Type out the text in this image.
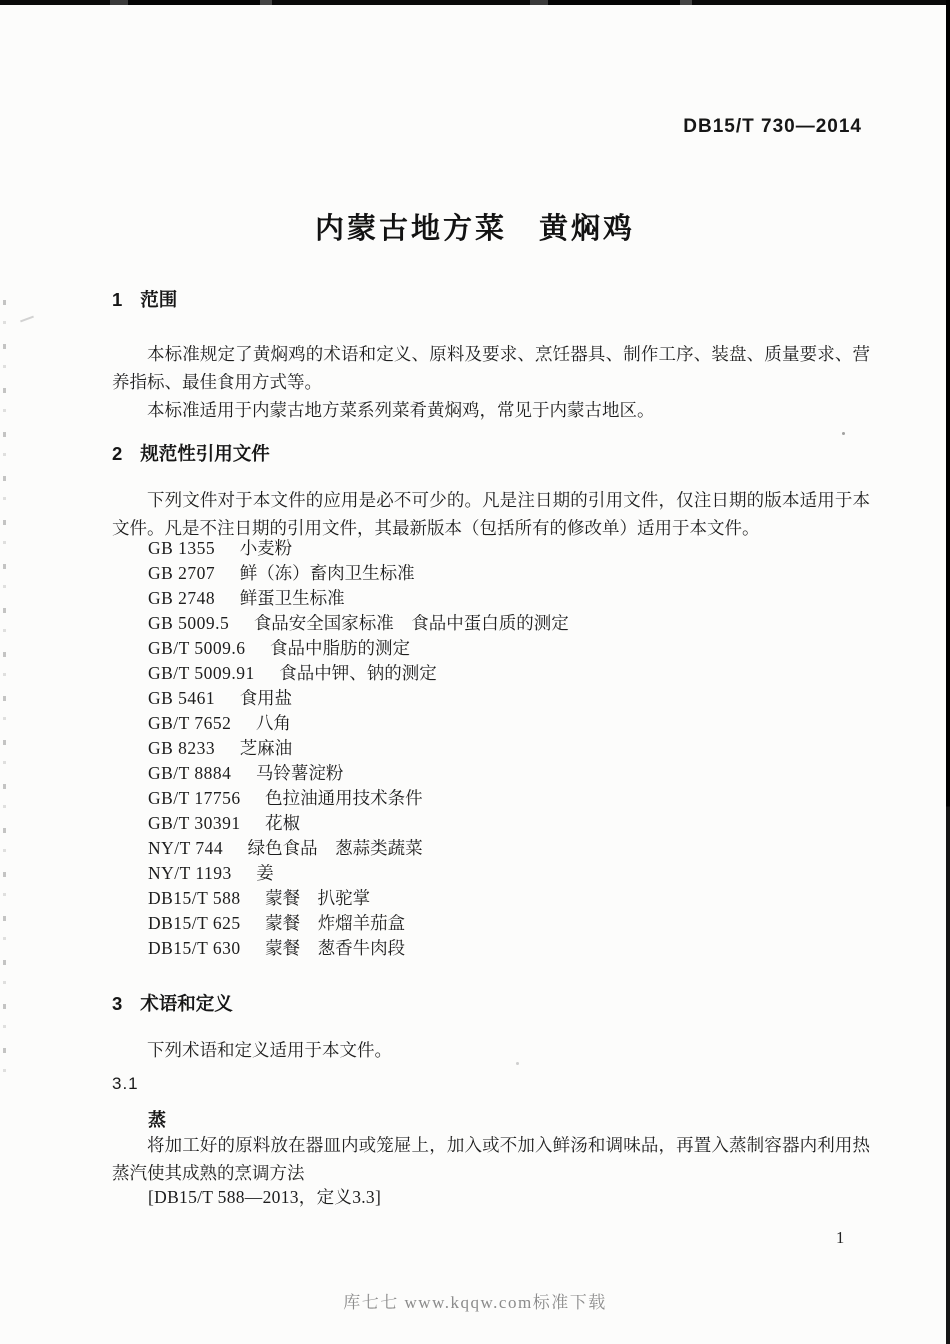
DB15/T 730—2014
内蒙古地方菜　黄焖鸡
1 范围

本标准规定了黄焖鸡的术语和定义、原料及要求、烹饪器具、制作工序、装盘、质量要求、营养指标、最佳食用方式等。

本标准适用于内蒙古地方菜系列菜肴黄焖鸡，常见于内蒙古地区。

2 规范性引用文件

下列文件对于本文件的应用是必不可少的。凡是注日期的引用文件，仅注日期的版本适用于本文件。凡是不注日期的引用文件，其最新版本（包括所有的修改单）适用于本文件。

GB 1355 小麦粉
GB 2707 鲜（冻）畜肉卫生标准
GB 2748 鲜蛋卫生标准
GB 5009.5 食品安全国家标准　食品中蛋白质的测定
GB/T 5009.6 食品中脂肪的测定
GB/T 5009.91 食品中钾、钠的测定
GB 5461 食用盐
GB/T 7652 八角
GB 8233 芝麻油
GB/T 8884 马铃薯淀粉
GB/T 17756 色拉油通用技术条件
GB/T 30391 花椒
NY/T 744 绿色食品　葱蒜类蔬菜
NY/T 1193 姜
DB15/T 588 蒙餐　扒驼掌
DB15/T 625 蒙餐　炸熘羊茄盒
DB15/T 630 蒙餐　葱香牛肉段
3 术语和定义

下列术语和定义适用于本文件。

3.1
蒸

将加工好的原料放在器皿内或笼屉上，加入或不加入鲜汤和调味品，再置入蒸制容器内利用热蒸汽使其成熟的烹调方法

[DB15/T 588—2013，定义3.3]
1
库七七 www.kqqw.com标准下载
